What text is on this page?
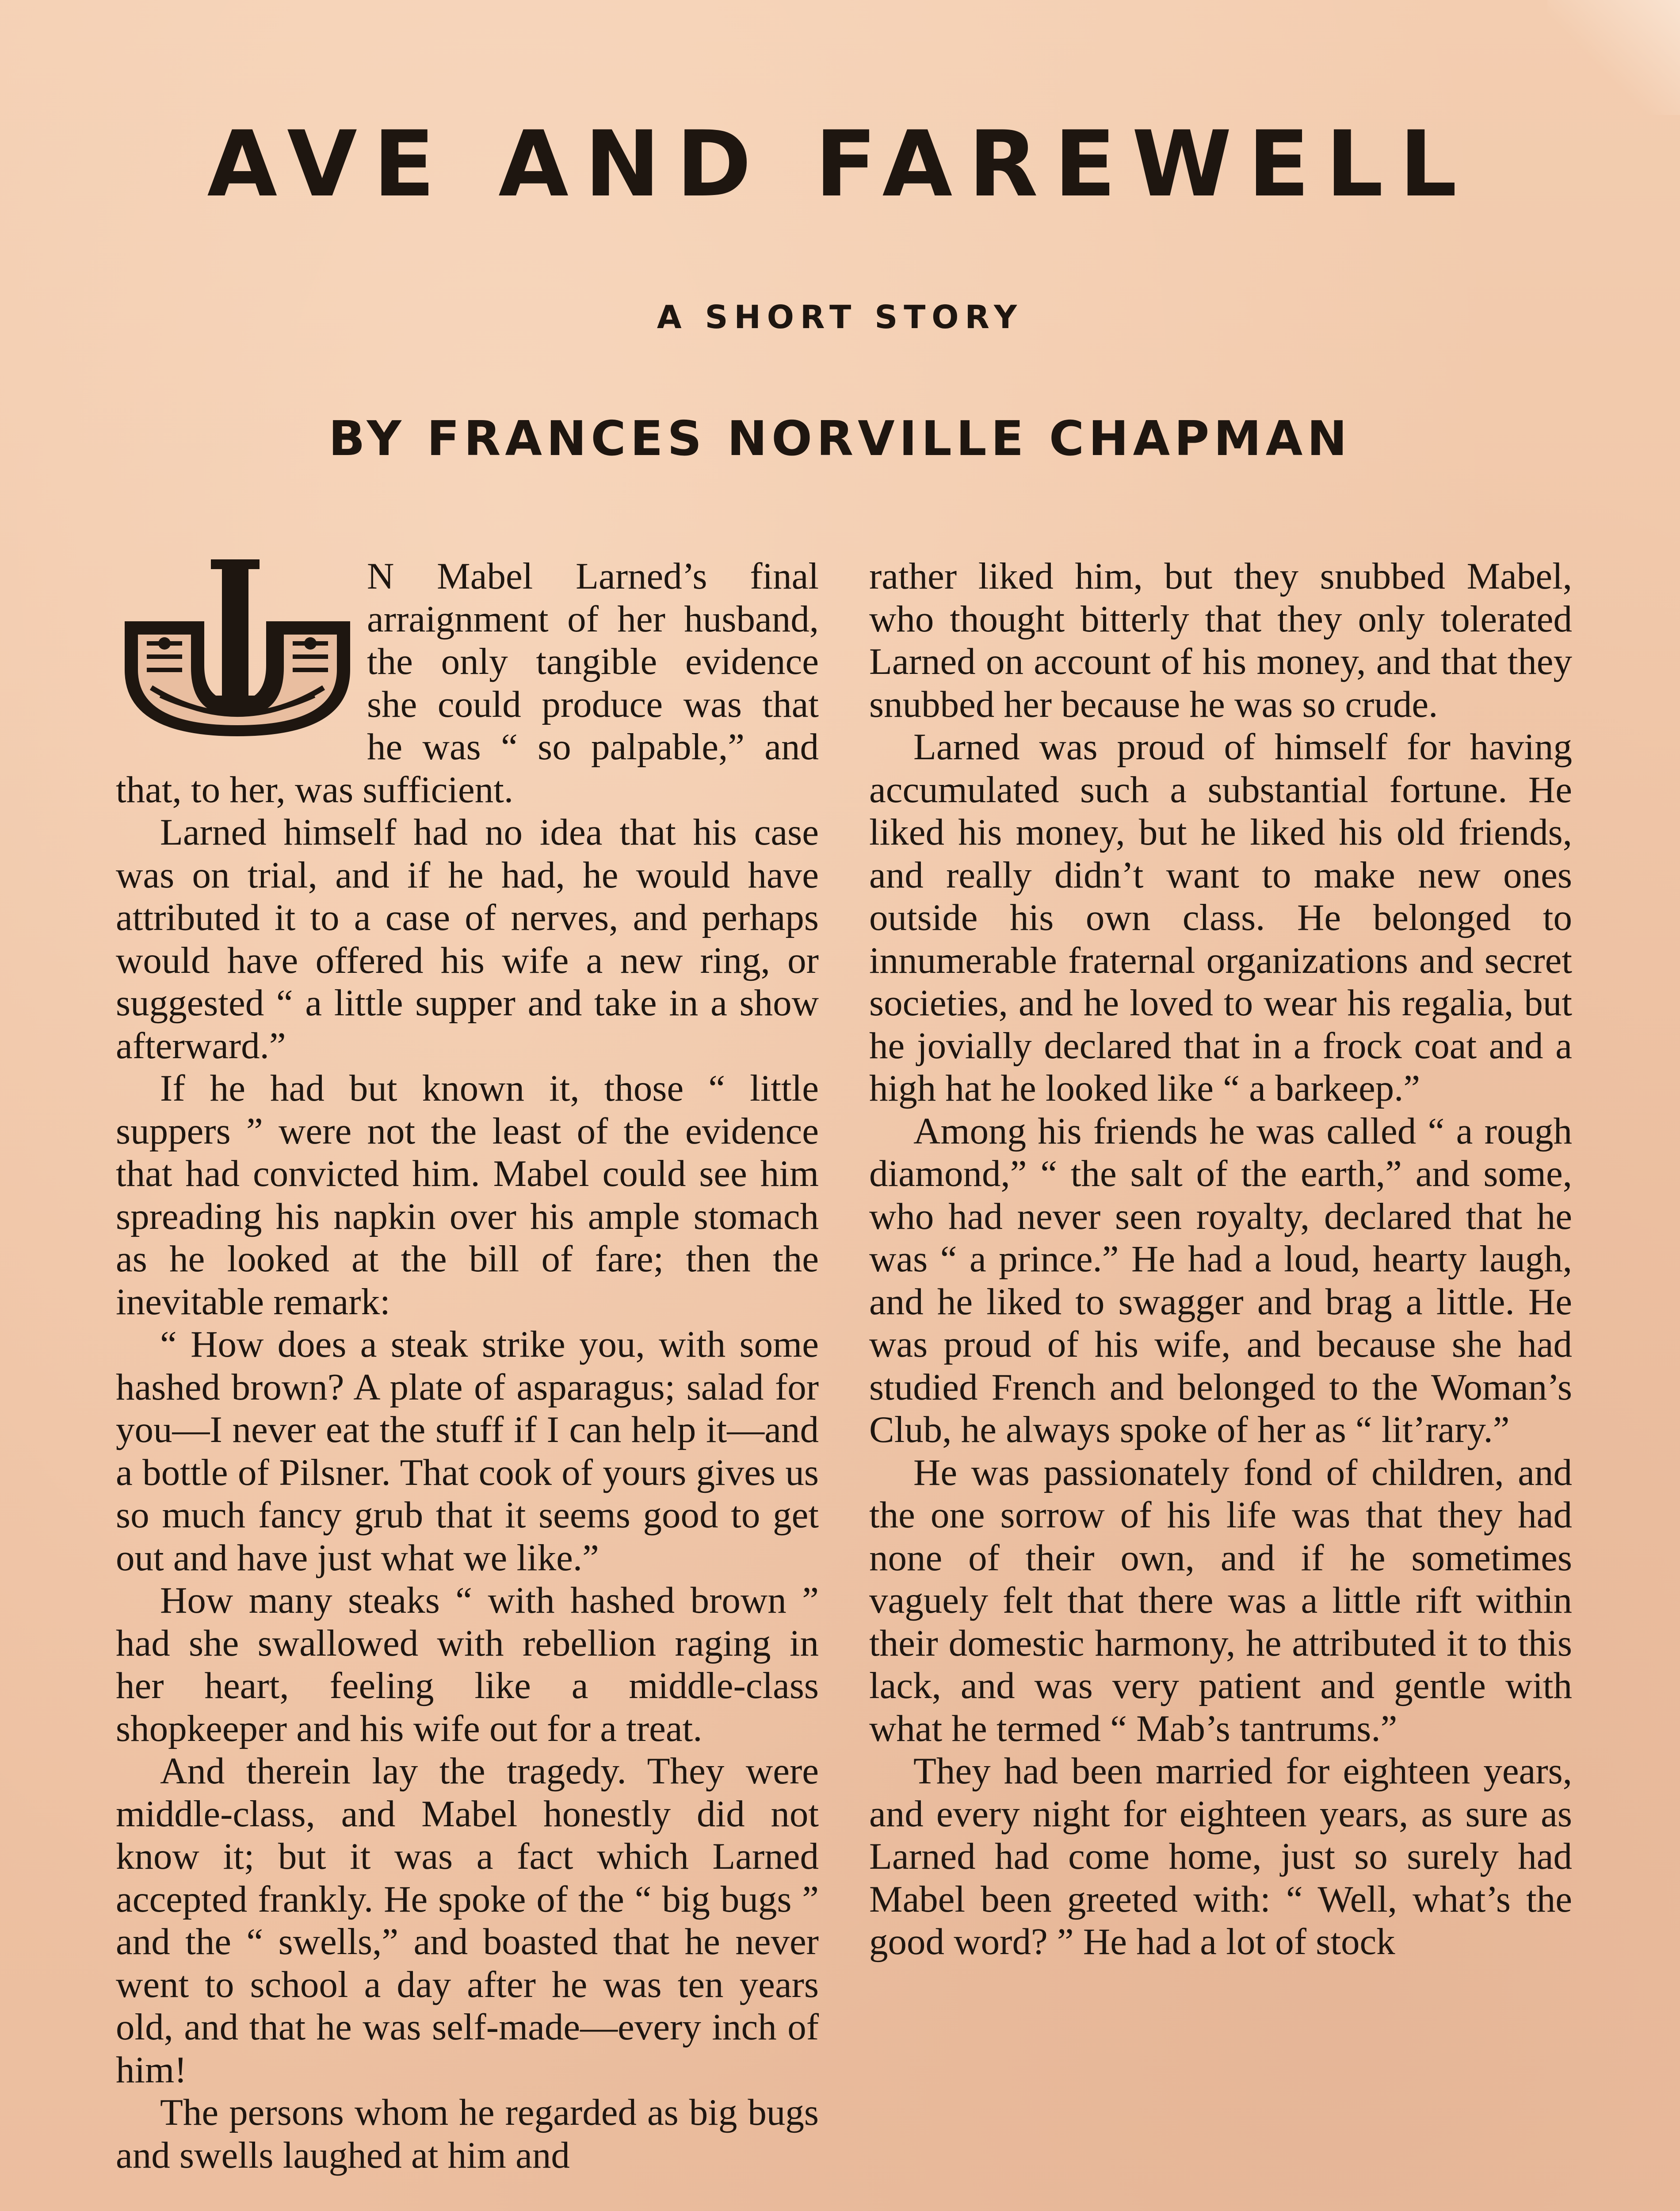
AVE AND FAREWELL
A SHORT STORY
BY FRANCES NORVILLE CHAPMAN
I

N Mabel Larned’s final arraignment of her husband, the only tangible evidence she could produce was that he was “ so palpable,” and that, to her, was sufficient.

Larned himself had no idea that his case was on trial, and if he had, he would have attributed it to a case of nerves, and perhaps would have offered his wife a new ring, or suggested “ a little supper and take in a show afterward.”

If he had but known it, those “ little suppers ” were not the least of the evidence that had convicted him. Mabel could see him spreading his napkin over his ample stomach as he looked at the bill of fare; then the inevitable remark:

“ How does a steak strike you, with some hashed brown? A plate of asparagus; salad for you—I never eat the stuff if I can help it—and a bottle of Pilsner. That cook of yours gives us so much fancy grub that it seems good to get out and have just what we like.”

How many steaks “ with hashed brown ” had she swallowed with rebellion raging in her heart, feeling like a middle-class shopkeeper and his wife out for a treat.

And therein lay the tragedy. They were middle-class, and Mabel honestly did not know it; but it was a fact which Larned accepted frankly. He spoke of the “ big bugs ” and the “ swells,” and boasted that he never went to school a day after he was ten years old, and that he was self-made—every inch of him!

The persons whom he regarded as big bugs and swells laughed at him and

rather liked him, but they snubbed Mabel, who thought bitterly that they only tolerated Larned on account of his money, and that they snubbed her because he was so crude.

Larned was proud of himself for having accumulated such a substantial fortune. He liked his money, but he liked his old friends, and really didn’t want to make new ones outside his own class. He belonged to innumerable fraternal organizations and secret societies, and he loved to wear his regalia, but he jovially declared that in a frock coat and a high hat he looked like “ a barkeep.”

Among his friends he was called “ a rough diamond,” “ the salt of the earth,” and some, who had never seen royalty, declared that he was “ a prince.” He had a loud, hearty laugh, and he liked to swagger and brag a little. He was proud of his wife, and because she had studied French and belonged to the Woman’s Club, he always spoke of her as “ lit’rary.”

He was passionately fond of children, and the one sorrow of his life was that they had none of their own, and if he sometimes vaguely felt that there was a little rift within their domestic harmony, he attributed it to this lack, and was very patient and gentle with what he termed “ Mab’s tantrums.”

They had been married for eighteen years, and every night for eighteen years, as sure as Larned had come home, just so surely had Mabel been greeted with: “ Well, what’s the good word? ” He had a lot of stock
